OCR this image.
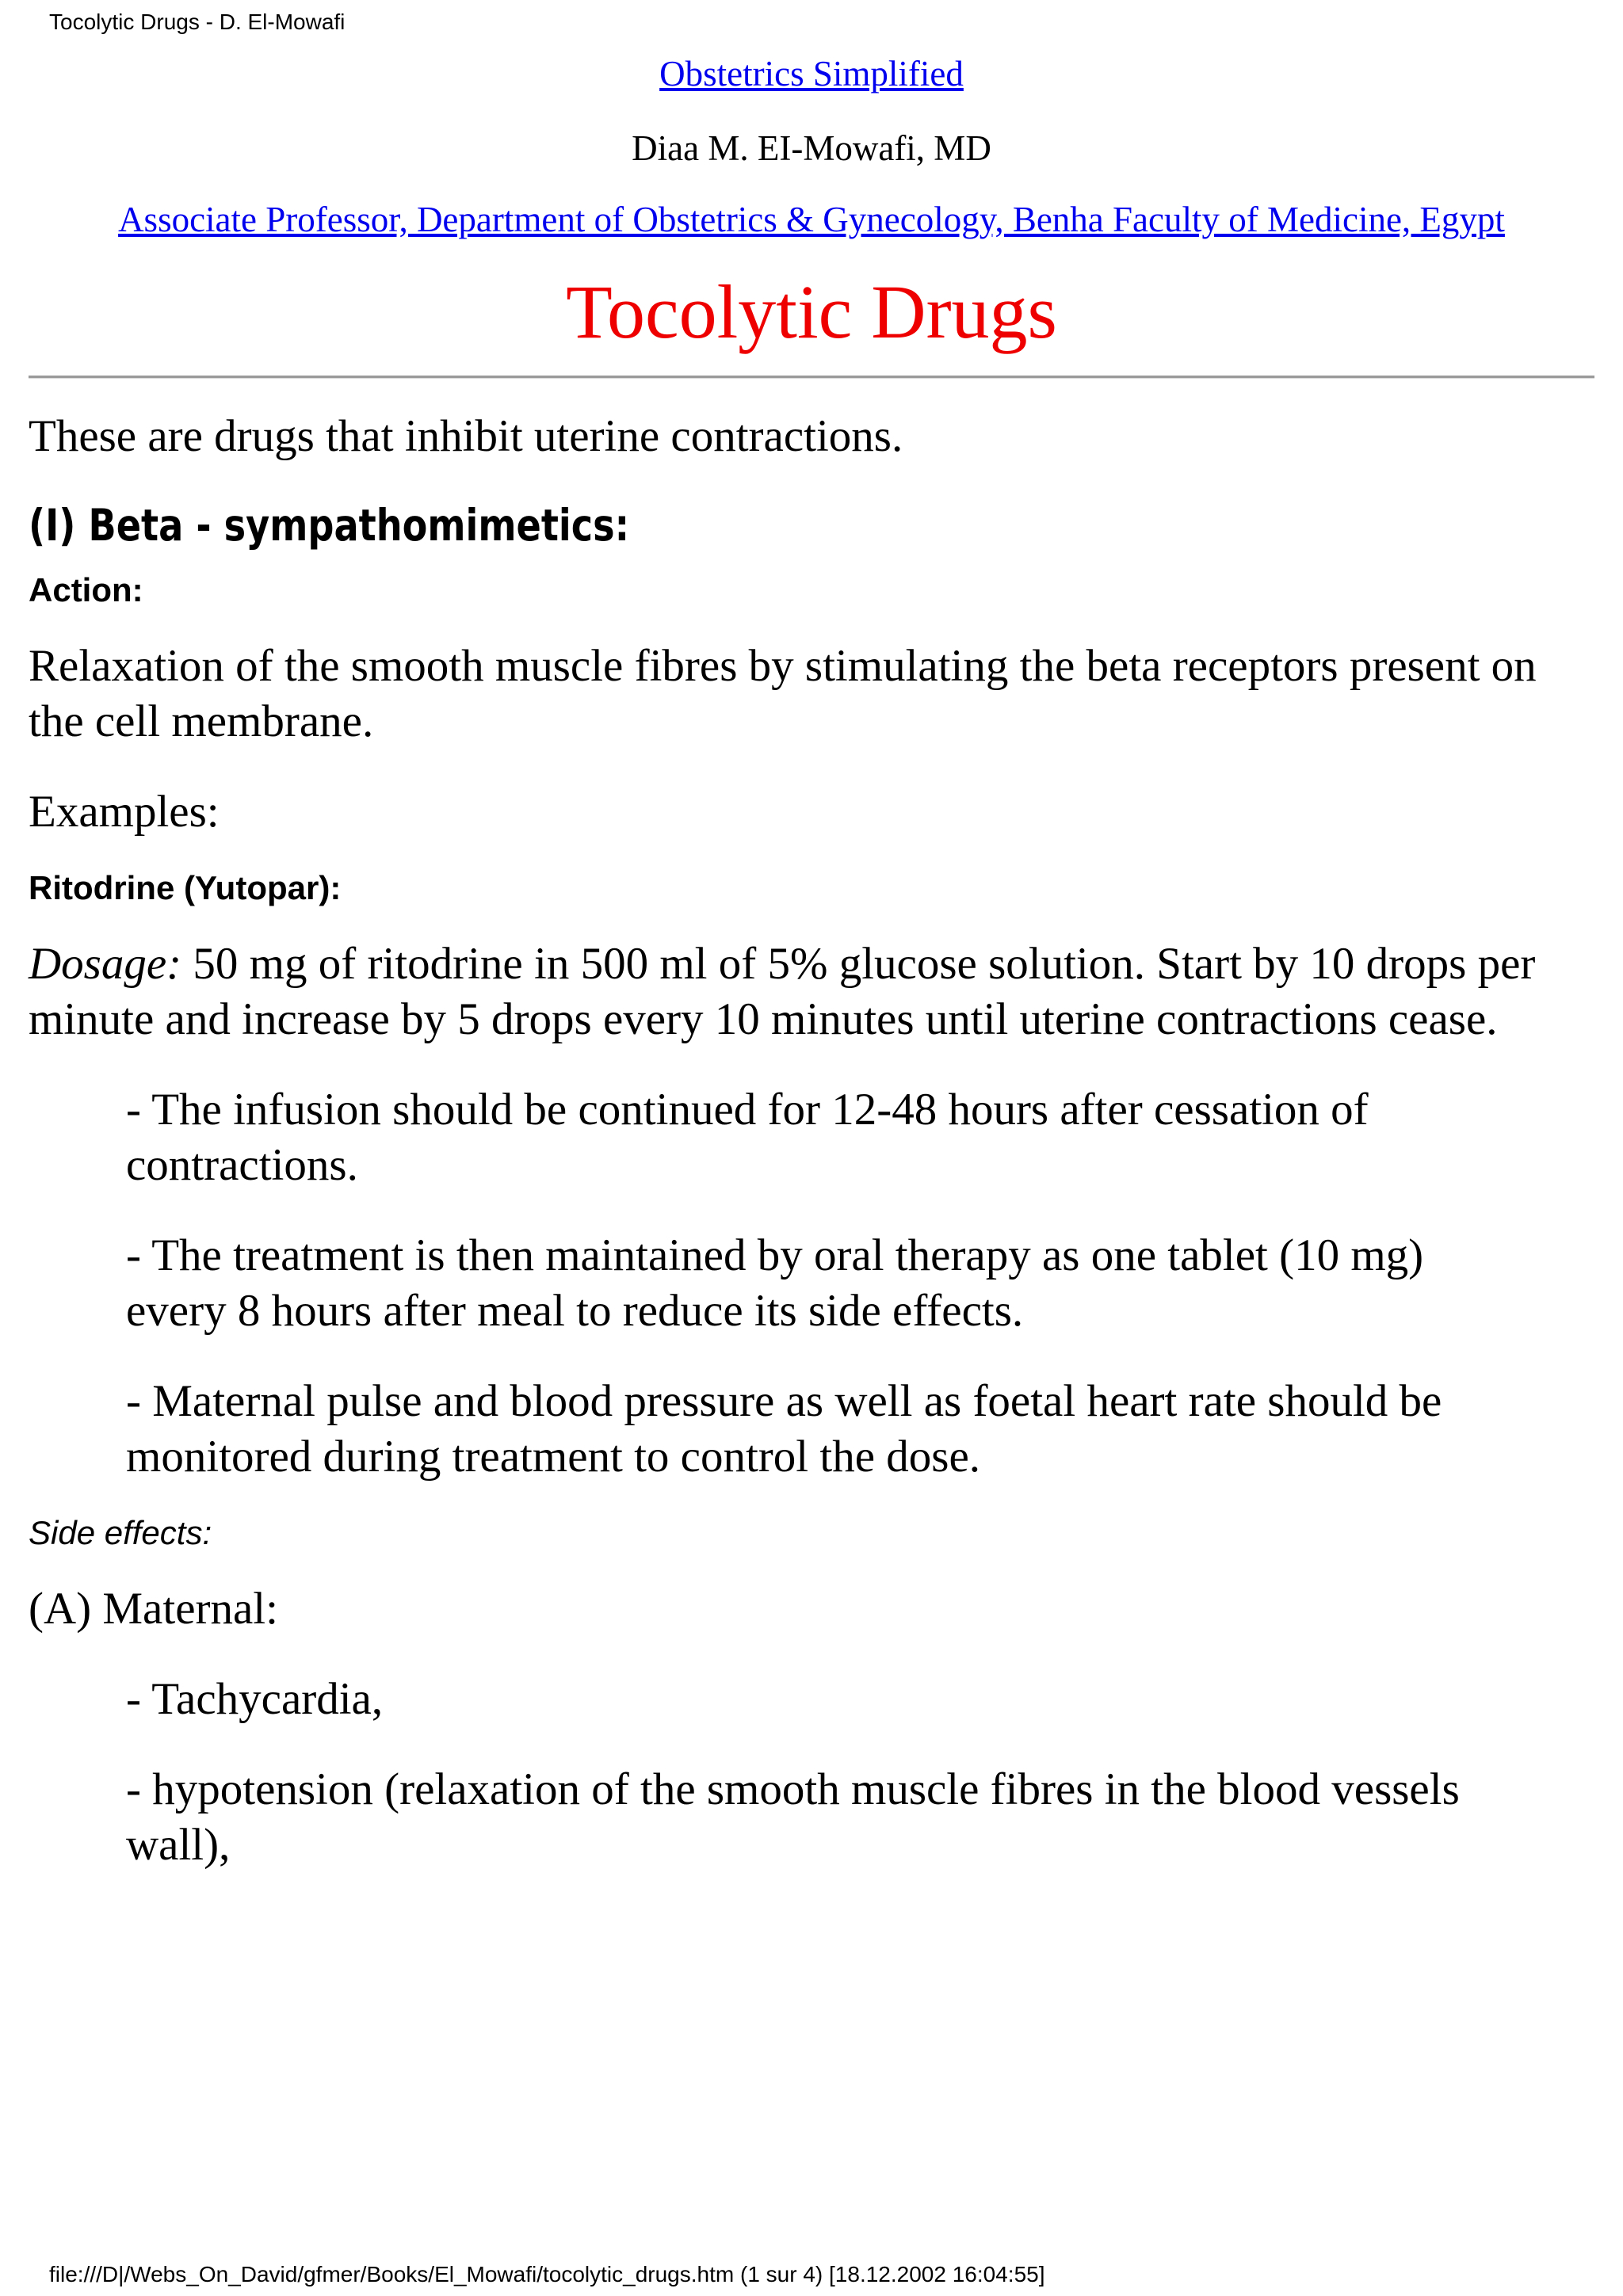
Tocolytic Drugs - D. El-Mowafi

Obstetrics Simplified

Diaa M. EI-Mowafi, MD

Associate Professor, Department of Obstetrics & Gynecology, Benha Faculty of Medicine, Egypt

Tocolytic Drugs

These are drugs that inhibit uterine contractions.

(I) Beta - sympathomimetics:

Action:

Relaxation of the smooth muscle fibres by stimulating the beta receptors present on the cell membrane.

Examples:

Ritodrine (Yutopar):

Dosage: 50 mg of ritodrine in 500 ml of 5% glucose solution. Start by 10 drops per minute and increase by 5 drops every 10 minutes until uterine contractions cease.

- The infusion should be continued for 12-48 hours after cessation of contractions.

- The treatment is then maintained by oral therapy as one tablet (10 mg) every 8 hours after meal to reduce its side effects.

- Maternal pulse and blood pressure as well as foetal heart rate should be monitored during treatment to control the dose.

Side effects:

(A) Maternal:

- Tachycardia,

- hypotension (relaxation of the smooth muscle fibres in the blood vessels wall),

file:///D|/Webs_On_David/gfmer/Books/El_Mowafi/tocolytic_drugs.htm (1 sur 4) [18.12.2002 16:04:55]
